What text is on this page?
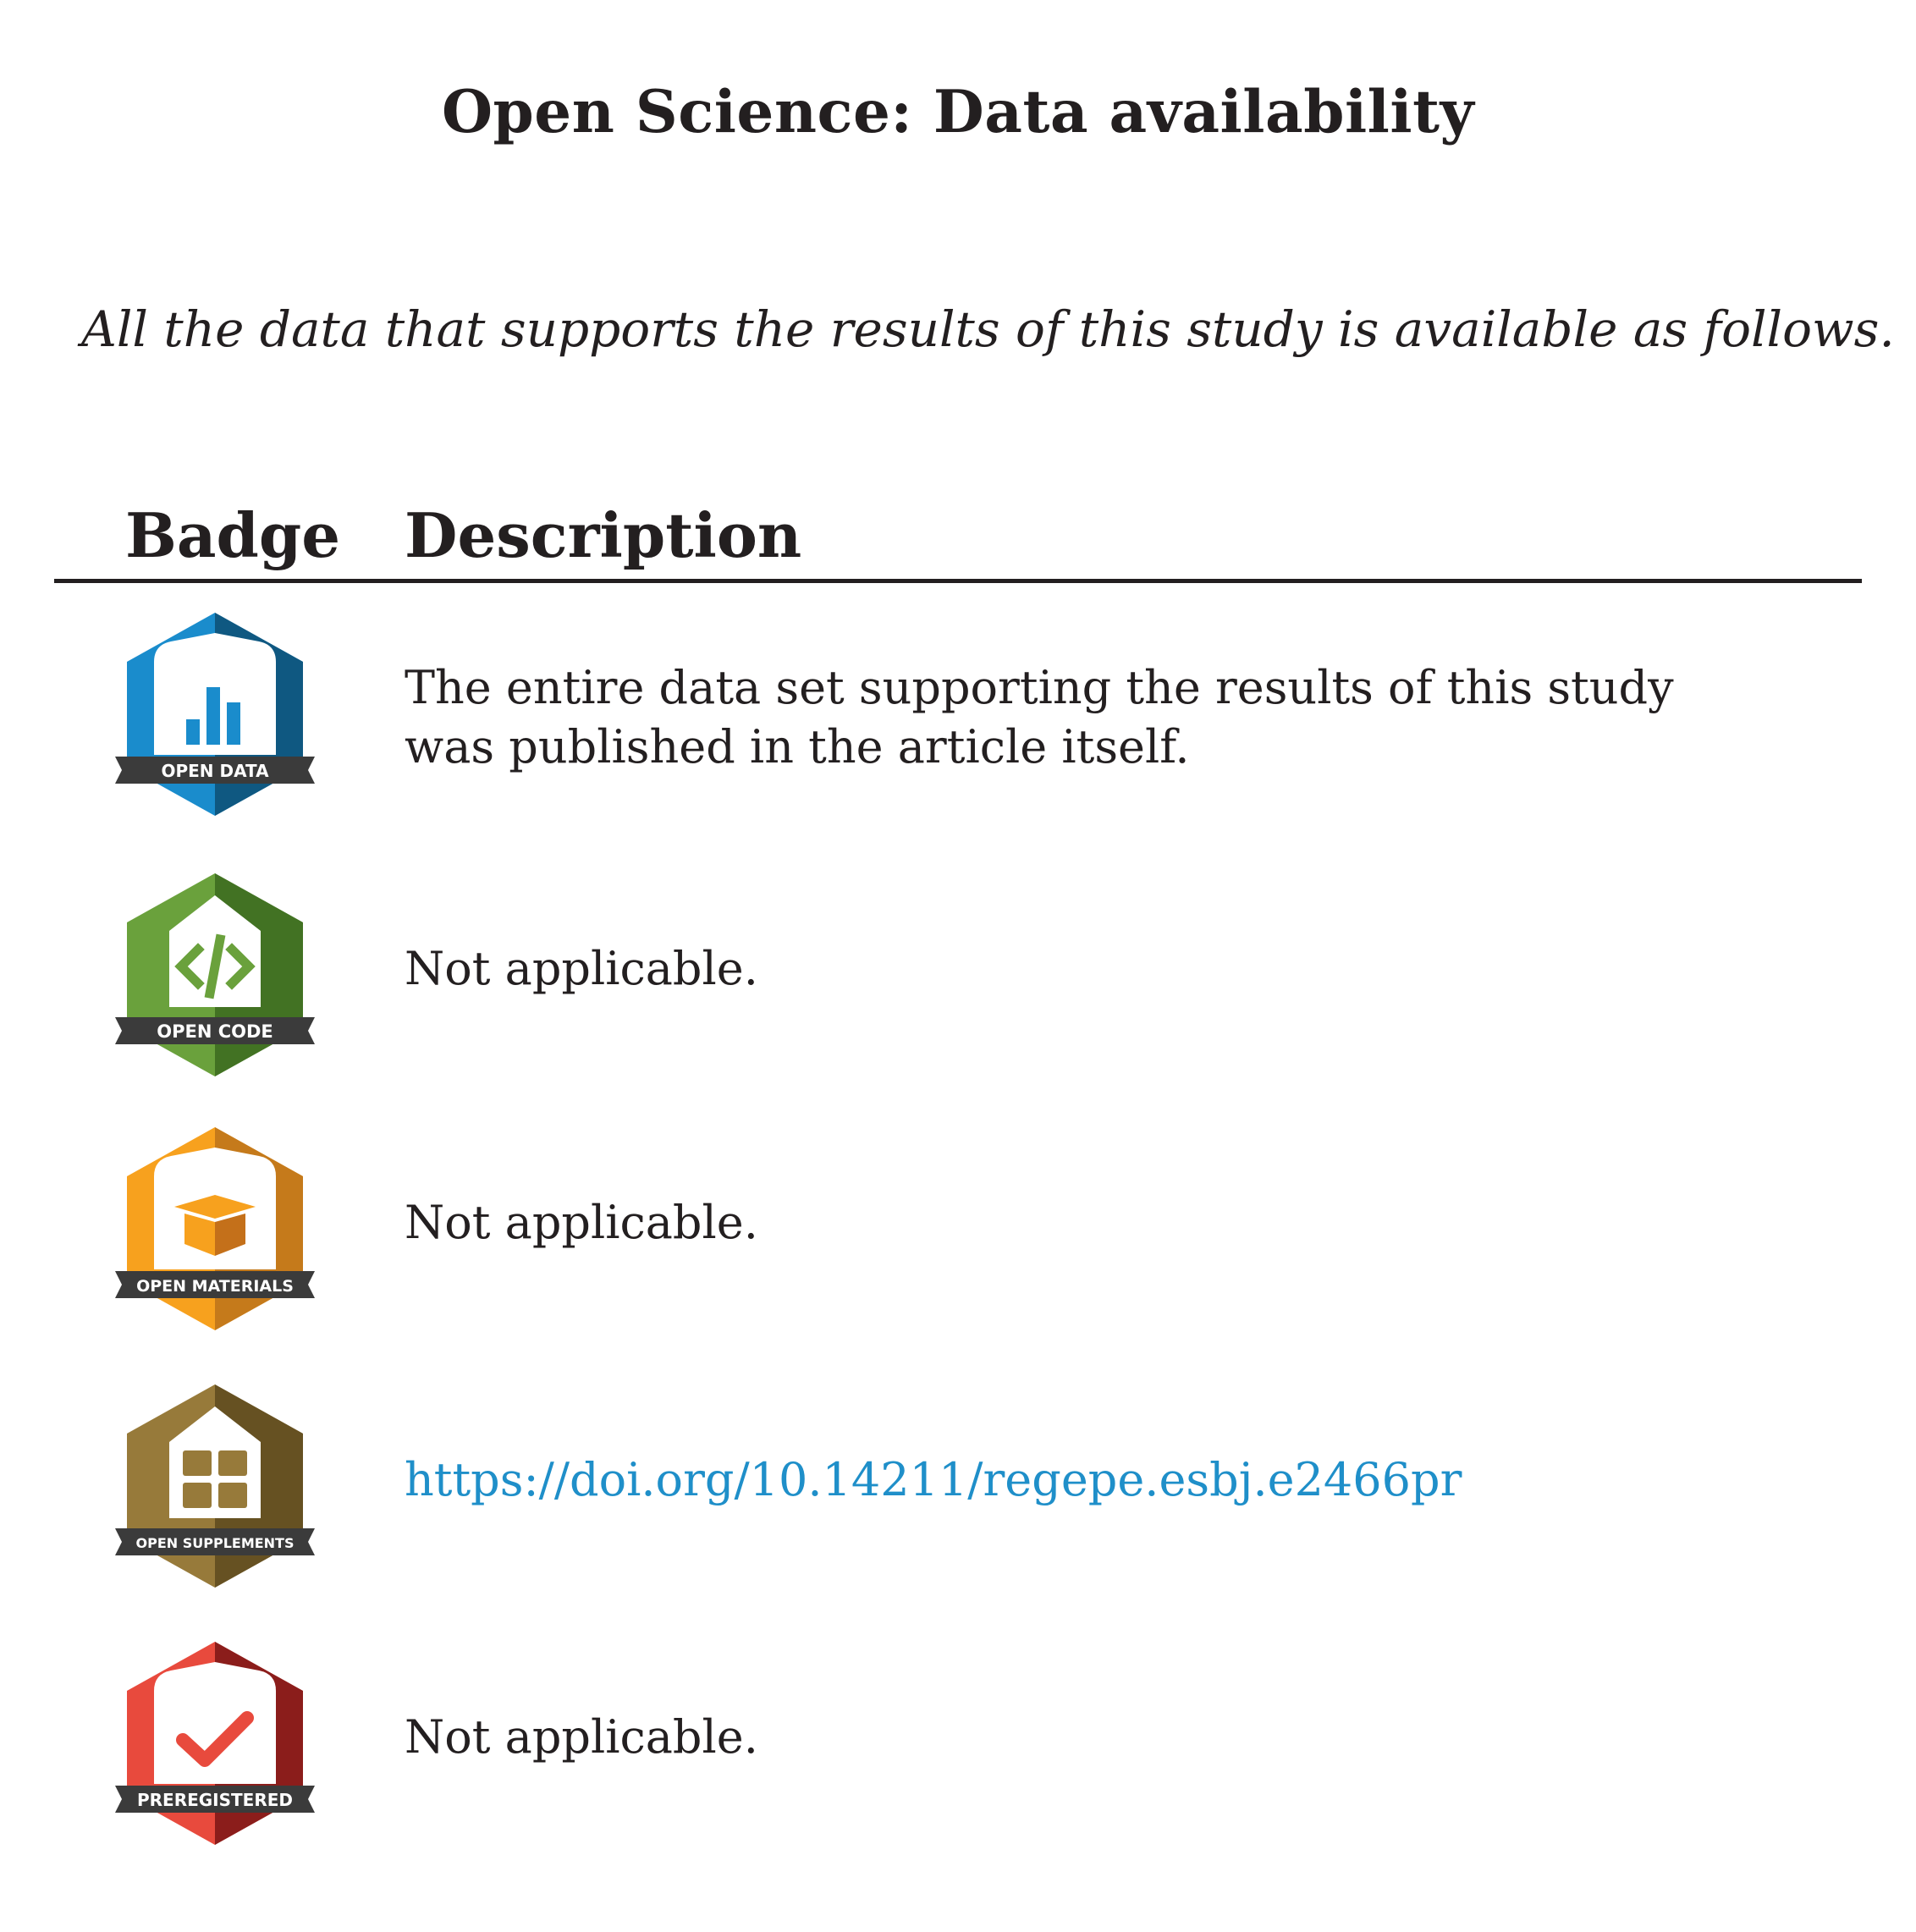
Open Science: Data availability

All the data that supports the results of this study is available as follows.

Badge Description
OPEN DATA

The entire data set supporting the results of this study was published in the article itself.

OPEN CODE

Not applicable.

OPEN MATERIALS

Not applicable.

OPEN SUPPLEMENTS
https://doi.org/10.14211/regepe.esbj.e2466pr
PREREGISTERED

Not applicable.
